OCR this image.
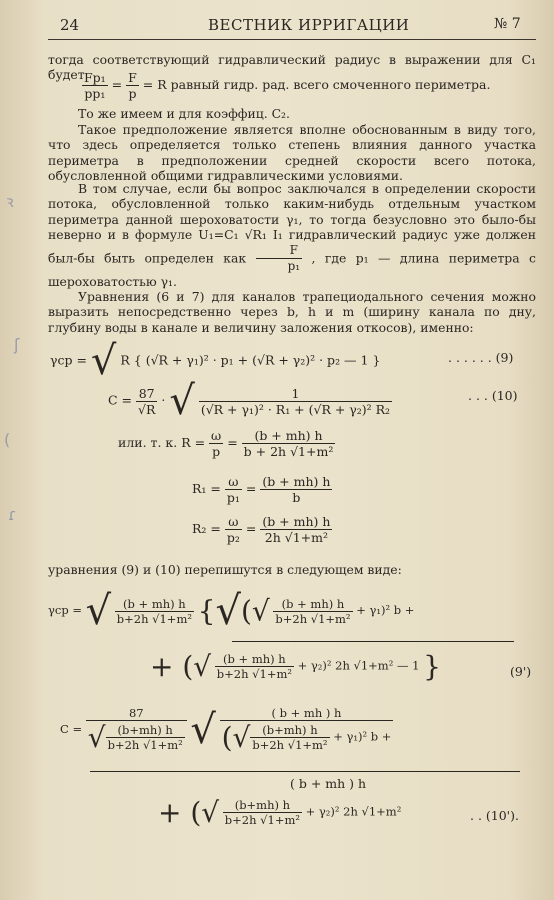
ꝛ
ʃ
(
ɾ
24	ВЕСТНИК ИРРИГАЦИИ	№ 7
тогда соответствующий гидравлический радиус в выражении для C₁ будет
$\frac{\text{Fp₁}}{\text{pp₁}} = \frac{F}{p} = R$ равный гидр. рад. всего смоченного периметра.
То же имеем и для коэффиц. C₂.
Такое предположение является вполне обоснованным в виду того, что здесь определяется только степень влияния данного участка периметра в предположении средней скорости всего потока, обусловленной общими гидравлическими условиями.
В том случае, если бы вопрос заключался в определении скорости потока, обусловленной только каким-нибудь отдельным участком периметра данной шероховатости γ₁, то тогда безусловно это было-бы неверно и в формуле U₁=C₁ √R₁ I₁ гидравлический радиус уже должен был-бы быть определен как $\frac{F}{\text{p₁}}$ , где p₁ — длина периметра с шероховатостью γ₁.
Уравнения (6 и 7) для каналов трапециодального сечения можно выразить непосредственно через b, h и m (ширину канала по дну, глубину воды в канале и величину заложения откосов), именно:
γср = √ R { (√R + γ₁)² · p₁ + (√R + γ₂)² · p₂ — 1 }	. . . . . . (9)
$C = \frac{87}{√R}$ · √ $\frac{1}{\text{(√R + γ₁)² · R₁ + (√R + γ₂)² R₂}}$	. . . (10)
или. т. к. $R = \frac{\omega}{p} = \frac{(b + mh) h}{\text{b + 2h √1+m²}}$
$R_1 = \frac{\omega}{\text{p₁}} = \frac{(b + mh) h}{b}$
$R_2 = \frac{\omega}{\text{p₂}} = \frac{(b + mh) h}{\text{2h √1+m²}}$
уравнения (9) и (10) перепишутся в следующем виде:
γср = √ $\frac{(b + mh) h}{\text{b+2h √1+m²}}$ {√(√ $\frac{(b + mh) h}{\text{b+2h √1+m²}} + \gamma_1)^2$ b +
+ (√ $\frac{(b + mh) h}{\text{b+2h √1+m²}} + \gamma_2)^2$ 2h √1+m² — 1 }	(9')
$C = \frac{87}{√ \frac{(b+mh) h}{\text{b+2h √1+m²}}}$ √ $\frac{( b + mh ) h}{(√ \frac{(b+mh) h}{\text{b+2h √1+m²}} + \gamma_1)^2 b +}$
( b + mh ) h
+ (√ $\frac{(b+mh) h}{\text{b+2h √1+m²}} + \gamma_2)^2$ 2h √1+m²	. . (10').
